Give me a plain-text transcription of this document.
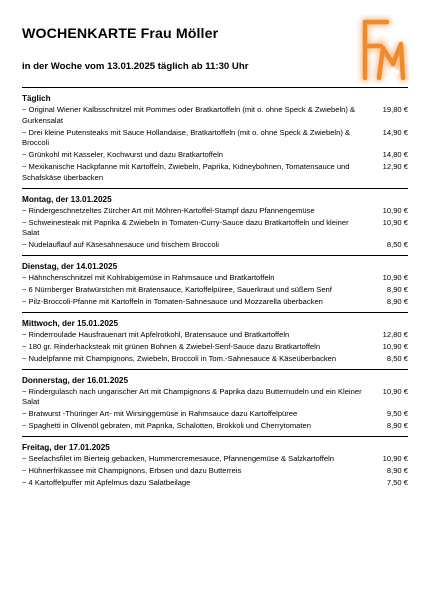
WOCHENKARTE Frau Möller
in der Woche vom 13.01.2025 täglich ab 11:30 Uhr
Täglich
~ Original Wiener Kalbsschnitzel mit Pommes oder Bratkartoffeln (mit o. ohne Speck & Zwiebeln) & Gurkensalat
19,80 €
~ Drei kleine Putensteaks mit Sauce Hollandaise, Bratkartoffeln (mit o. ohne Speck & Zwiebeln) & Broccoli
14,90 €
~ Grünkohl mit Kasseler, Kochwurst und dazu Bratkartoffeln	14,80 €
~ Mexikanische Hackpfanne mit Kartoffeln, Zwiebeln, Paprika, Kidneybohnen, Tomatensauce und Schafskäse überbacken
12,90 €
Montag, der 13.01.2025
~ Rindergeschnetzeltes Zürcher Art mit Möhren-Kartoffel-Stampf dazu Pfannengemüse	10,90 €
~ Schweinesteak mit Paprika & Zwiebeln in Tomaten-Curry-Sauce dazu Bratkartoffeln und kleiner Salat
10,90 €
~ Nudelauflauf auf Käsesahnesauce und frischem Broccoli	8,50 €
Dienstag, der 14.01.2025
~ Hähnchenschnitzel mit Kohlrabigemüse in Rahmsauce und Bratkartoffeln	10,90 €
~ 6 Nürnberger Bratwürstchen mit Bratensauce, Kartoffelpüree, Sauerkraut und süßem Senf	8,90 €
~ Pilz-Broccoli-Pfanne mit Kartoffeln in Tomaten-Sahnesauce und Mozzarella überbacken	8,90 €
Mittwoch, der 15.01.2025
~ Rinderroulade Hausfrauenart mit Apfelrotkohl, Bratensauce und Bratkartoffeln	12,80 €
~ 180 gr. Rinderhacksteak mit grünen Bohnen & Zwiebel-Senf-Sauce dazu Bratkartoffeln	10,90 €
~ Nudelpfanne mit Champignons, Zwiebeln, Broccoli in Tom.-Sahnesauce & Käseüberbacken	8,50 €
Donnerstag, der 16.01.2025
~ Rindergulasch nach ungarischer Art mit Champignons & Paprika dazu Butternudeln und ein Kleiner Salat
10,90 €
~ Bratwurst -Thüringer Art- mit Wirsinggemüse in Rahmsauce dazu Kartoffelpüree	9,50 €
~ Spaghetti in Olivenöl gebraten, mit Paprika, Schalotten, Brokkoli und Cherrytomaten	8,90 €
Freitag, der 17.01.2025
~ Seelachsfilet im Bierteig gebacken, Hummercremesauce, Pfannengemüse & Salzkartoffeln	10,90 €
~ Hühnerfrikassee mit Champignons, Erbsen und dazu Butterreis	8,90 €
~ 4 Kartoffelpuffer mit Apfelmus dazu Salatbeilage	7,50 €
